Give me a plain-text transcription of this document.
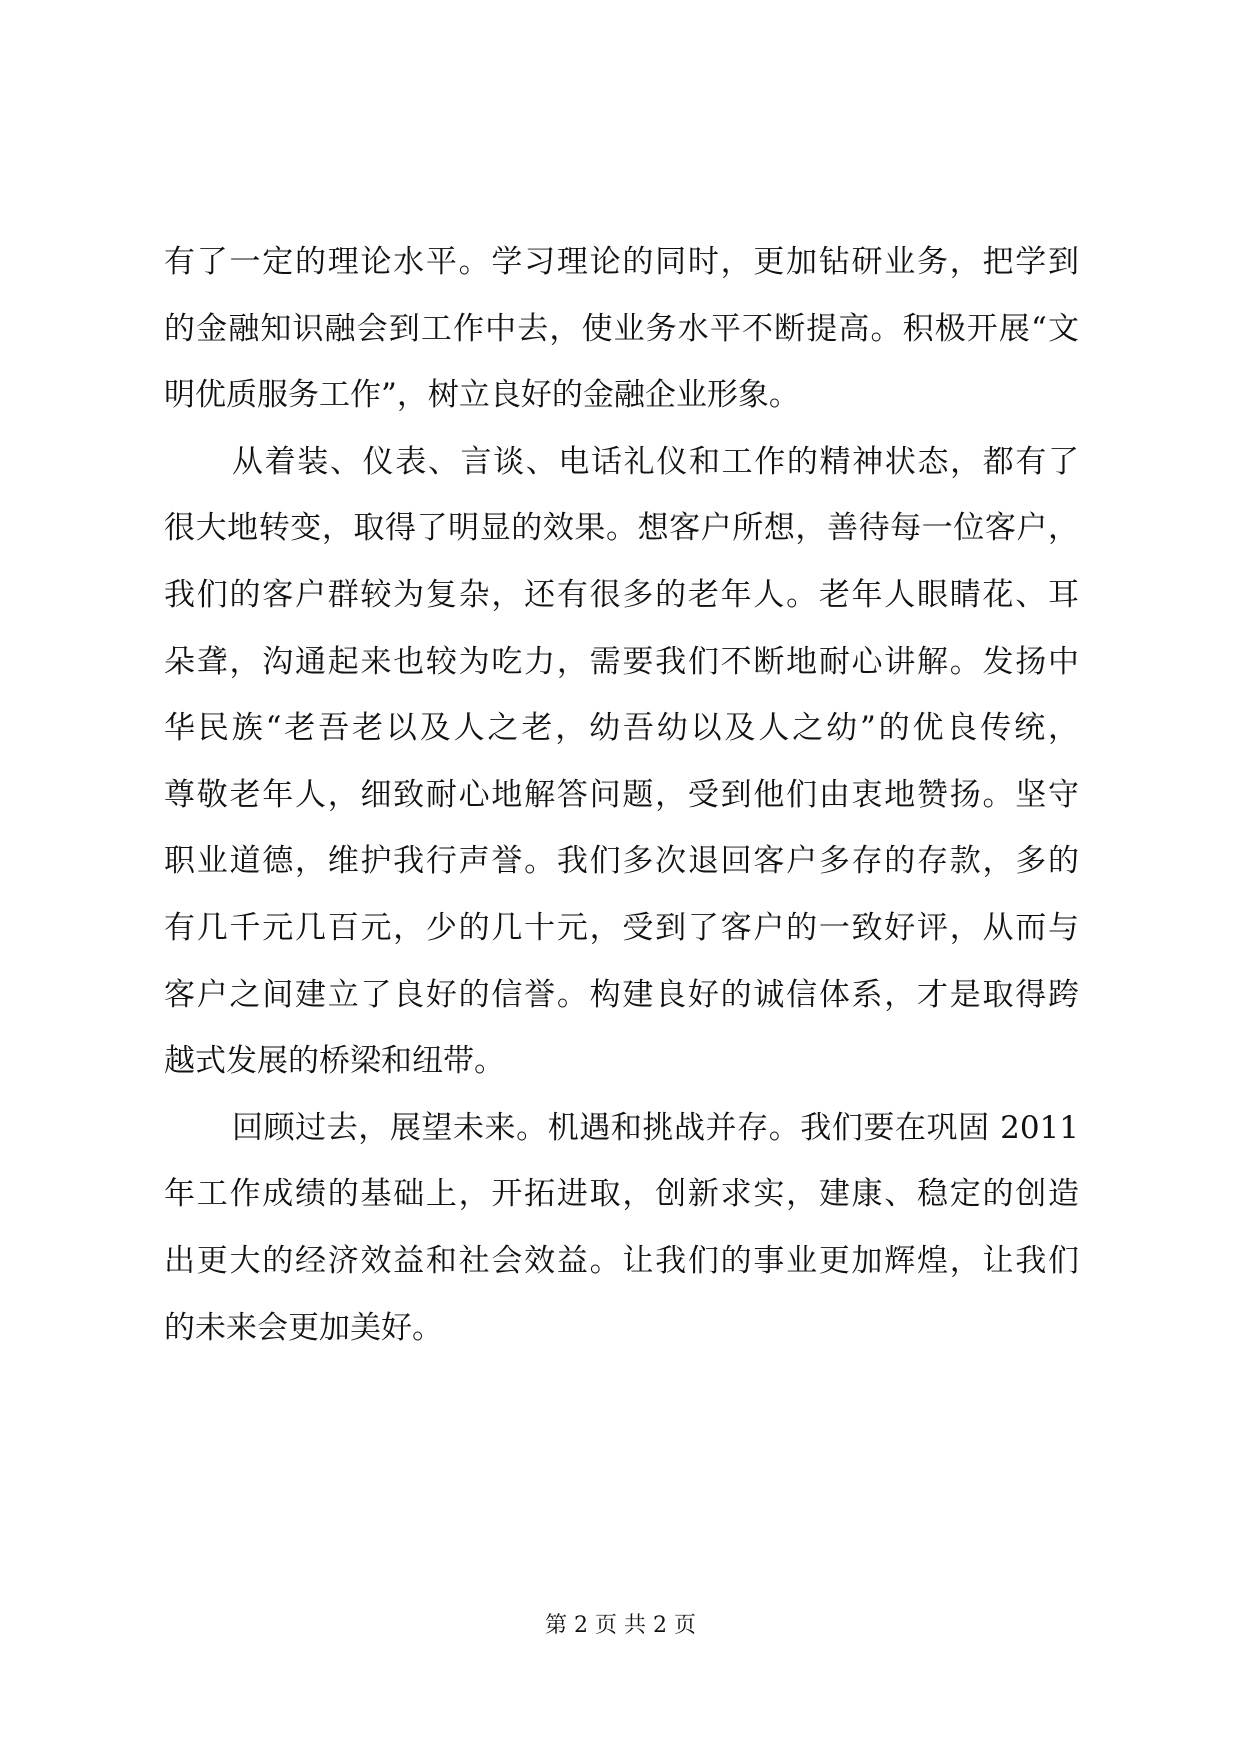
有了一定的理论水平。学习理论的同时，更加钻研业务，把学到
的金融知识融会到工作中去，使业务水平不断提高。积极开展“文
明优质服务工作”，树立良好的金融企业形象。
从着装、仪表、言谈、电话礼仪和工作的精神状态，都有了
很大地转变，取得了明显的效果。想客户所想，善待每一位客户，
我们的客户群较为复杂，还有很多的老年人。老年人眼睛花、耳
朵聋，沟通起来也较为吃力，需要我们不断地耐心讲解。发扬中
华民族“老吾老以及人之老，幼吾幼以及人之幼”的优良传统，
尊敬老年人，细致耐心地解答问题，受到他们由衷地赞扬。坚守
职业道德，维护我行声誉。我们多次退回客户多存的存款，多的
有几千元几百元，少的几十元，受到了客户的一致好评，从而与
客户之间建立了良好的信誉。构建良好的诚信体系，才是取得跨
越式发展的桥梁和纽带。
回顾过去，展望未来。机遇和挑战并存。我们要在巩固 2011
年工作成绩的基础上，开拓进取，创新求实，建康、稳定的创造
出更大的经济效益和社会效益。让我们的事业更加辉煌，让我们
的未来会更加美好。
第 2 页 共 2 页
